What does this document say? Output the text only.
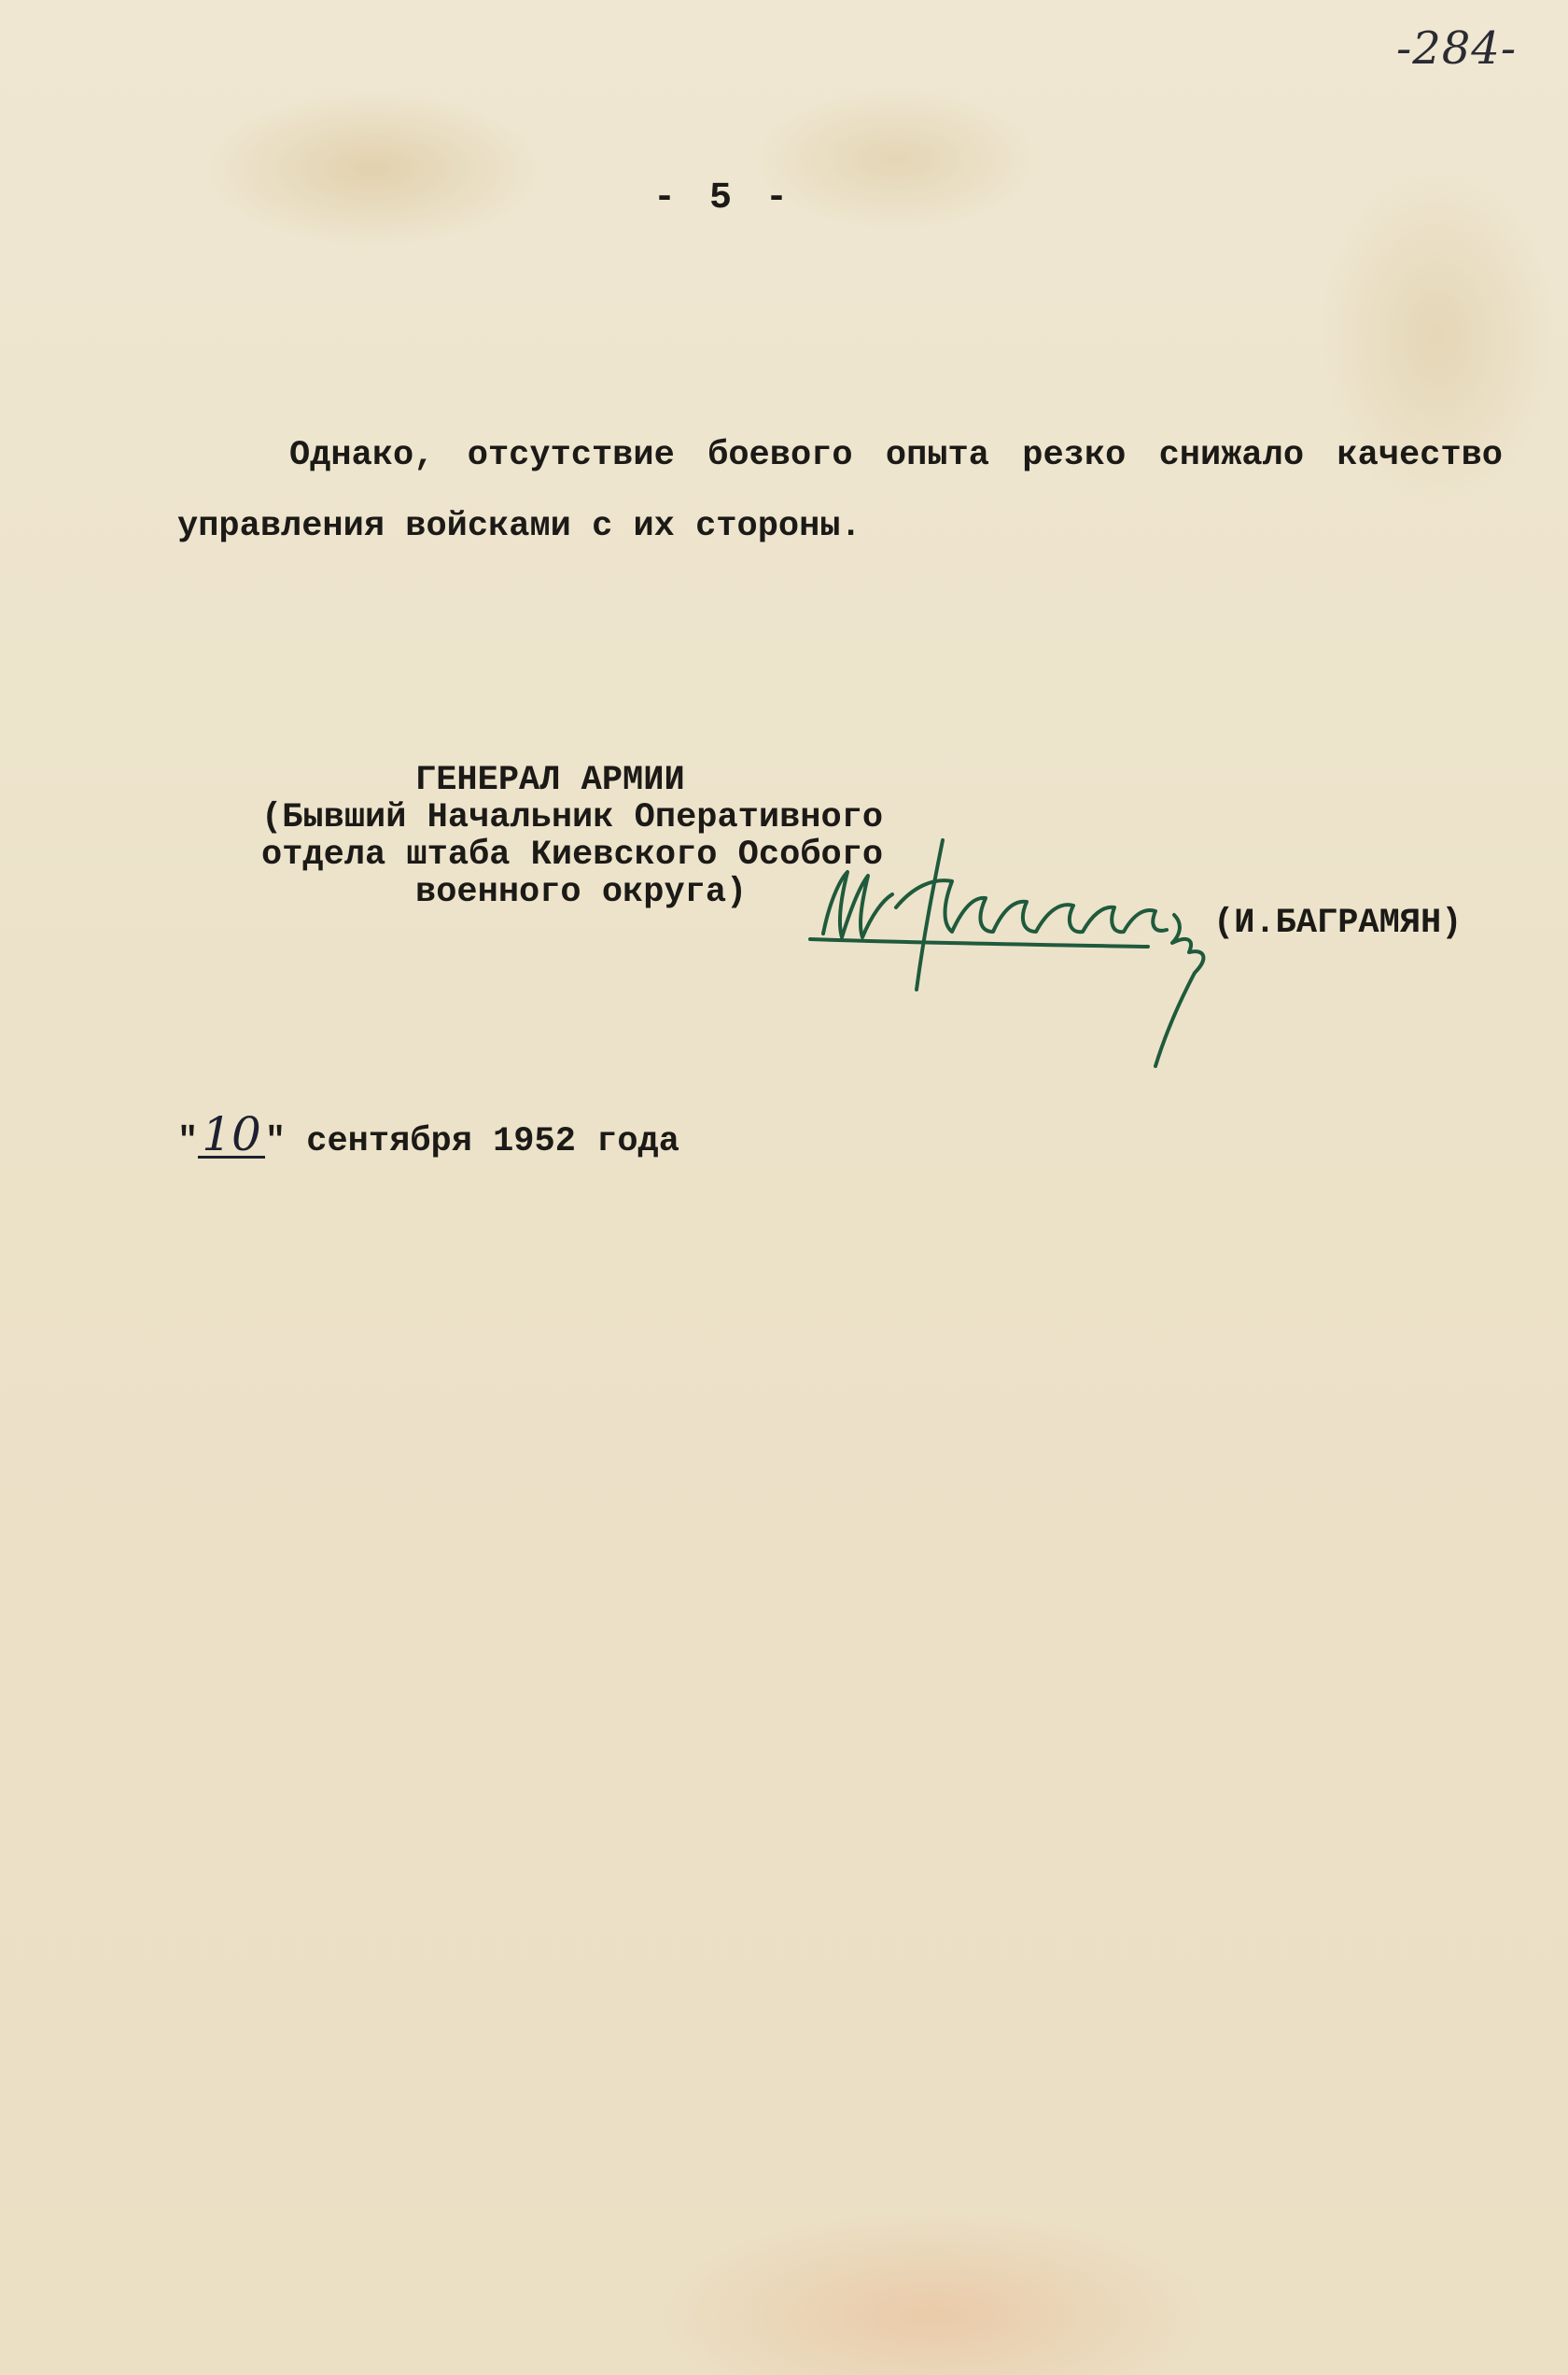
-284-
- 5 -
Однако, отсутствие боевого опыта резко снижало качество управления войсками с их стороны.
ГЕНЕРАЛ АРМИИ
(Бывший Начальник Оперативного
отдела штаба Киевского Особого
военного округа)
(И.БАГРАМЯН)
"10 " сентября 1952 года
